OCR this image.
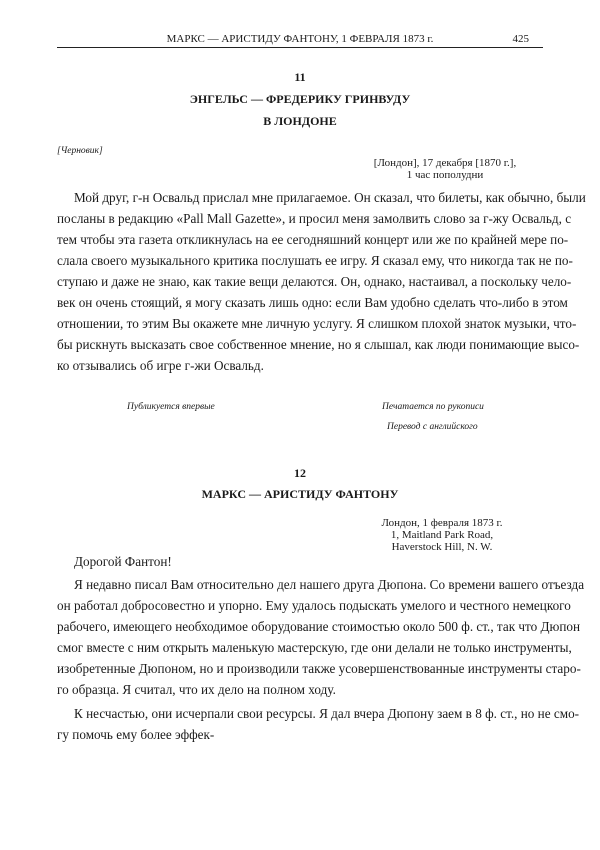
МАРКС — АРИСТИДУ ФАНТОНУ, 1 ФЕВРАЛЯ 1873 г.	425
11
ЭНГЕЛЬС — ФРЕДЕРИКУ ГРИНВУДУ
В ЛОНДОНЕ
[Черновик]
[Лондон], 17 декабря [1870 г.],
1 час пополудни
Мой друг, г-н Освальд прислал мне прилагаемое. Он сказал, что билеты, как обычно, были
посланы в редакцию «Pall Mall Gazette», и просил меня замолвить слово за г-жу Освальд, с
тем чтобы эта газета откликнулась на ее сегодняшний концерт или же по крайней мере по-
слала своего музыкального критика послушать ее игру. Я сказал ему, что никогда так не по-
ступаю и даже не знаю, как такие вещи делаются. Он, однако, настаивал, а поскольку чело-
век он очень стоящий, я могу сказать лишь одно: если Вам удобно сделать что-либо в этом
отношении, то этим Вы окажете мне личную услугу. Я слишком плохой знаток музыки, что-
бы рискнуть высказать свое собственное мнение, но я слышал, как люди понимающие высо-
ко отзывались об игре г-жи Освальд.
Публикуется впервые	Печатается по рукописи
Перевод с английского
12
МАРКС — АРИСТИДУ ФАНТОНУ
Лондон, 1 февраля 1873 г.
1, Maitland Park Road,
Haverstock Hill, N. W.
Дорогой Фантон!
Я недавно писал Вам относительно дел нашего друга Дюпона. Со времени вашего отъезда
он работал добросовестно и упорно. Ему удалось подыскать умелого и честного немецкого
рабочего, имеющего необходимое оборудование стоимостью около 500 ф. ст., так что Дюпон
смог вместе с ним открыть маленькую мастерскую, где они делали не только инструменты,
изобретенные Дюпоном, но и производили также усовершенствованные инструменты старо-
го образца. Я считал, что их дело на полном ходу.
К несчастью, они исчерпали свои ресурсы. Я дал вчера Дюпону заем в 8 ф. ст., но не смо-
гу помочь ему более эффек-
